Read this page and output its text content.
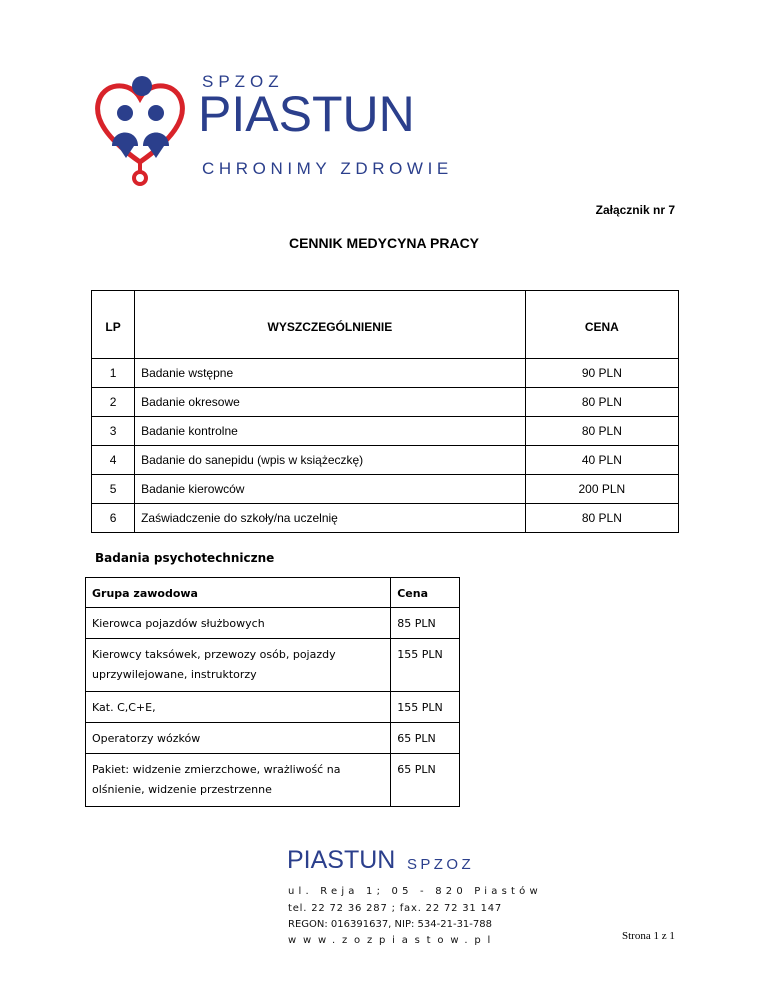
SPZOZ
PIASTUN
CHRONIMY ZDROWIE
Załącznik nr 7
CENNIK MEDYCYNA PRACY
LP	WYSZCZEGÓLNIENIE	CENA
1	Badanie wstępne	90 PLN
2	Badanie okresowe	80 PLN
3	Badanie kontrolne	80 PLN
4	Badanie do sanepidu (wpis w książeczkę)	40 PLN
5	Badanie kierowców	200 PLN
6	Zaświadczenie do szkoły/na uczelnię	80 PLN
Badania psychotechniczne
Grupa zawodowa	Cena
Kierowca pojazdów służbowych	85 PLN
Kierowcy taksówek, przewozy osób, pojazdy uprzywilejowane, instruktorzy	155 PLN
Kat. C,C+E,	155 PLN
Operatorzy wózków	65 PLN
Pakiet: widzenie zmierzchowe, wrażliwość na olśnienie, widzenie przestrzenne	65 PLN
PIASTUN SPZOZ
ul. Reja 1; 05 - 820 Piastów
tel. 22 72 36 287 ; fax. 22 72 31 147
REGON: 016391637, NIP: 534-21-31-788
www.zozpiastow.pl	Strona 1 z 1
